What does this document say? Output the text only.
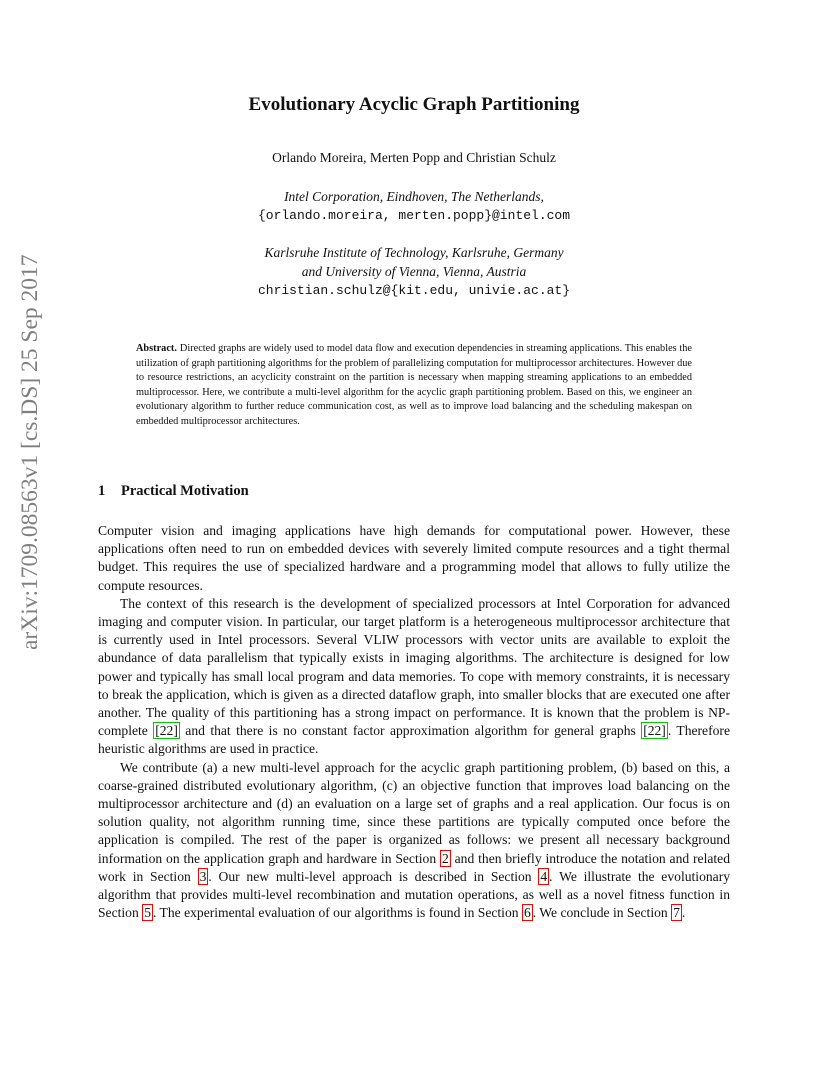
arXiv:1709.08563v1 [cs.DS] 25 Sep 2017
Evolutionary Acyclic Graph Partitioning

Orlando Moreira, Merten Popp and Christian Schulz

Intel Corporation, Eindhoven, The Netherlands,
{orlando.moreira, merten.popp}@intel.com
Karlsruhe Institute of Technology, Karlsruhe, Germany
and University of Vienna, Vienna, Austria
christian.schulz@{kit.edu, univie.ac.at}

Abstract. Directed graphs are widely used to model data flow and execution dependencies in streaming applications. This enables the utilization of graph partitioning algorithms for the problem of parallelizing computation for multiprocessor architectures. However due to resource restrictions, an acyclicity constraint on the partition is necessary when mapping streaming applications to an embedded multiprocessor. Here, we contribute a multi-level algorithm for the acyclic graph partitioning problem. Based on this, we engineer an evolutionary algorithm to further reduce communication cost, as well as to improve load balancing and the scheduling makespan on embedded multiprocessor architectures.

1 Practical Motivation

Computer vision and imaging applications have high demands for computational power. However, these applications often need to run on embedded devices with severely limited compute resources and a tight thermal budget. This requires the use of specialized hardware and a programming model that allows to fully utilize the compute resources.

The context of this research is the development of specialized processors at Intel Corporation for advanced imaging and computer vision. In particular, our target platform is a heterogeneous multiprocessor architecture that is currently used in Intel processors. Several VLIW processors with vector units are available to exploit the abundance of data parallelism that typically exists in imaging algorithms. The architecture is designed for low power and typically has small local program and data memories. To cope with memory constraints, it is necessary to break the application, which is given as a directed dataflow graph, into smaller blocks that are executed one after another. The quality of this partitioning has a strong impact on performance. It is known that the problem is NP-complete [22] and that there is no constant factor approximation algorithm for general graphs [22] . Therefore heuristic algorithms are used in practice.

We contribute (a) a new multi-level approach for the acyclic graph partitioning problem, (b) based on this, a coarse-grained distributed evolutionary algorithm, (c) an objective function that improves load balancing on the multiprocessor architecture and (d) an evaluation on a large set of graphs and a real application. Our focus is on solution quality, not algorithm running time, since these partitions are typically computed once before the application is compiled. The rest of the paper is organized as follows: we present all necessary background information on the application graph and hardware in Section 2 and then briefly introduce the notation and related work in Section 3 . Our new multi-level approach is described in Section 4 . We illustrate the evolutionary algorithm that provides multi-level recombination and mutation operations, as well as a novel fitness function in Section 5 . The experimental evaluation of our algorithms is found in Section 6 . We conclude in Section 7 .
